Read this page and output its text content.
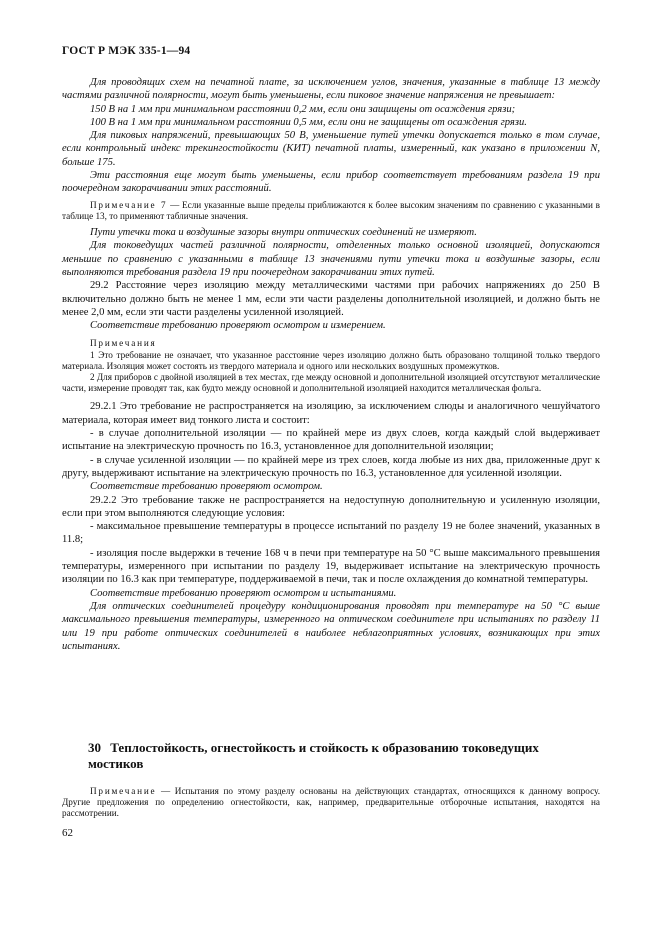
ГОСТ Р МЭК 335-1—94

Для проводящих схем на печатной плате, за исключением углов, значения, указанные в таблице 13 между частями различной полярности, могут быть уменьшены, если пиковое значение напряжения не превышает:

150 В на 1 мм при минимальном расстоянии 0,2 мм, если они защищены от осаждения грязи;

100 В на 1 мм при минимальном расстоянии 0,5 мм, если они не защищены от осаждения грязи.

Для пиковых напряжений, превышающих 50 В, уменьшение путей утечки допускается только в том случае, если контрольный индекс трекингостойкости (КИТ) печатной платы, измеренный, как указано в приложении N, больше 175.

Эти расстояния еще могут быть уменьшены, если прибор соответствует требованиям раздела 19 при поочередном закорачивании этих расстояний.

Примечание 7 — Если указанные выше пределы приближаются к более высоким значениям по сравнению с указанными в таблице 13, то применяют табличные значения.

Пути утечки тока и воздушные зазоры внутри оптических соединений не измеряют.

Для токоведущих частей различной полярности, отделенных только основной изоляцией, допускаются меньшие по сравнению с указанными в таблице 13 значениями пути утечки тока и воздушные зазоры, если выполняются требования раздела 19 при поочередном закорачивании этих путей.

29.2 Расстояние через изоляцию между металлическими частями при рабочих напряжениях до 250 В включительно должно быть не менее 1 мм, если эти части разделены дополнительной изоляцией, и должно быть не менее 2,0 мм, если эти части разделены усиленной изоляцией.

Соответствие требованию проверяют осмотром и измерением.

Примечания

1 Это требование не означает, что указанное расстояние через изоляцию должно быть образовано толщиной только твердого материала. Изоляция может состоять из твердого материала и одного или нескольких воздушных промежутков.

2 Для приборов с двойной изоляцией в тех местах, где между основной и дополнительной изоляцией отсутствуют металлические части, измерение проводят так, как будто между основной и дополнительной изоляцией находится металлическая фольга.

29.2.1 Это требование не распространяется на изоляцию, за исключением слюды и аналогичного чешуйчатого материала, которая имеет вид тонкого листа и состоит:

- в случае дополнительной изоляции — по крайней мере из двух слоев, когда каждый слой выдерживает испытание на электрическую прочность по 16.3, установленное для дополнительной изоляции;

- в случае усиленной изоляции — по крайней мере из трех слоев, когда любые из них два, приложенные друг к другу, выдерживают испытание на электрическую прочность по 16.3, установленное для усиленной изоляции.

Соответствие требованию проверяют осмотром.

29.2.2 Это требование также не распространяется на недоступную дополнительную и усиленную изоляции, если при этом выполняются следующие условия:

- максимальное превышение температуры в процессе испытаний по разделу 19 не более значений, указанных в 11.8;

- изоляция после выдержки в течение 168 ч в печи при температуре на 50 °С выше максимального превышения температуры, измеренного при испытании по разделу 19, выдерживает испытание на электрическую прочность изоляции по 16.3 как при температуре, поддерживаемой в печи, так и после охлаждения до комнатной температуры.

Соответствие требованию проверяют осмотром и испытаниями.

Для оптических соединителей процедуру кондиционирования проводят при температуре на 50 °С выше максимального превышения температуры, измеренного на оптическом соединителе при испытаниях по разделу 11 или 19 при работе оптических соединителей в наиболее неблагоприятных условиях, возникающих при этих испытаниях.

30 Теплостойкость, огнестойкость и стойкость к образованию токоведущих мостиков

Примечание — Испытания по этому разделу основаны на действующих стандартах, относящихся к данному вопросу. Другие предложения по определению огнестойкости, как, например, предварительные отборочные испытания, находятся на рассмотрении.

62
